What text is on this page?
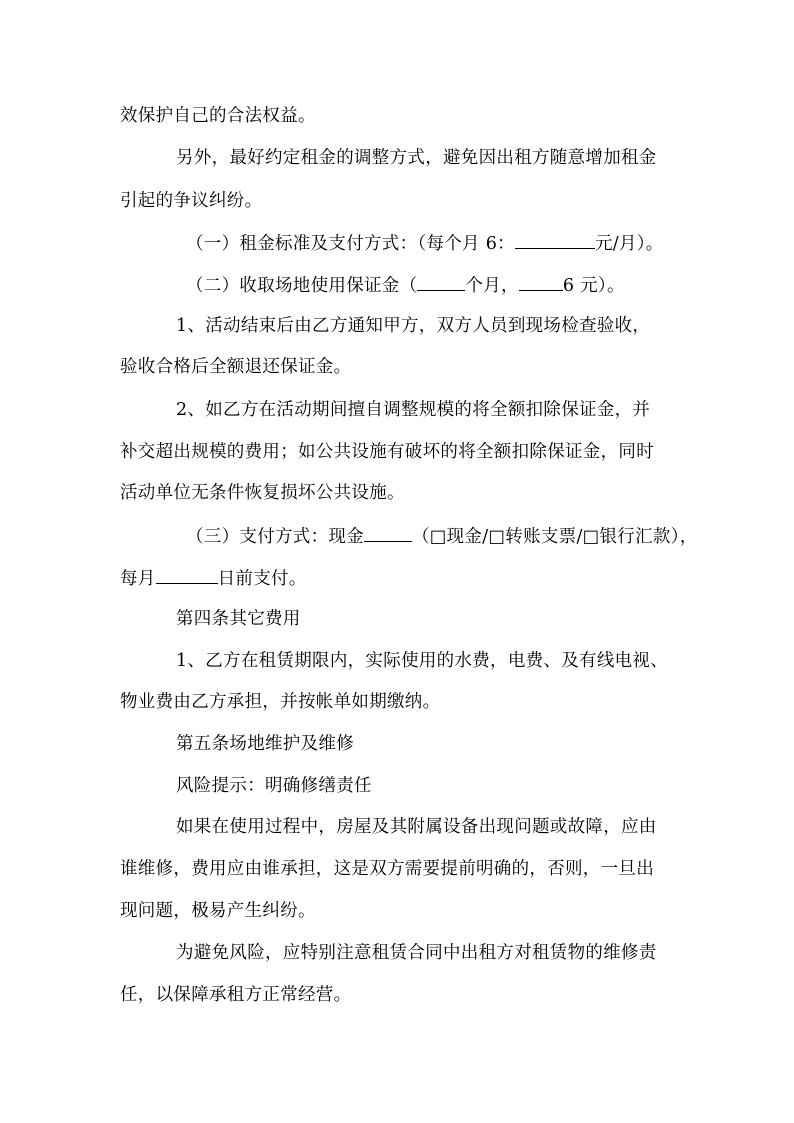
效保护自己的合法权益。
另外，最好约定租金的调整方式，避免因出租方随意增加租金
引起的争议纠纷。
（一）租金标准及支付方式：（每个月 6：	元/月）。
（二）收取场地使用保证金（	个月，	6 元）。
1、活动结束后由乙方通知甲方，双方人员到现场检查验收，
验收合格后全额退还保证金。
2、如乙方在活动期间擅自调整规模的将全额扣除保证金，并
补交超出规模的费用；如公共设施有破坏的将全额扣除保证金，同时
活动单位无条件恢复损坏公共设施。
（三）支付方式：现金	（□现金/□转账支票/□银行汇款），
每月	日前支付。
第四条其它费用
1、乙方在租赁期限内，实际使用的水费，电费、及有线电视、
物业费由乙方承担，并按帐单如期缴纳。
第五条场地维护及维修
风险提示：明确修缮责任
如果在使用过程中，房屋及其附属设备出现问题或故障，应由
谁维修，费用应由谁承担，这是双方需要提前明确的，否则，一旦出
现问题，极易产生纠纷。
为避免风险，应特别注意租赁合同中出租方对租赁物的维修责
任，以保障承租方正常经营。
